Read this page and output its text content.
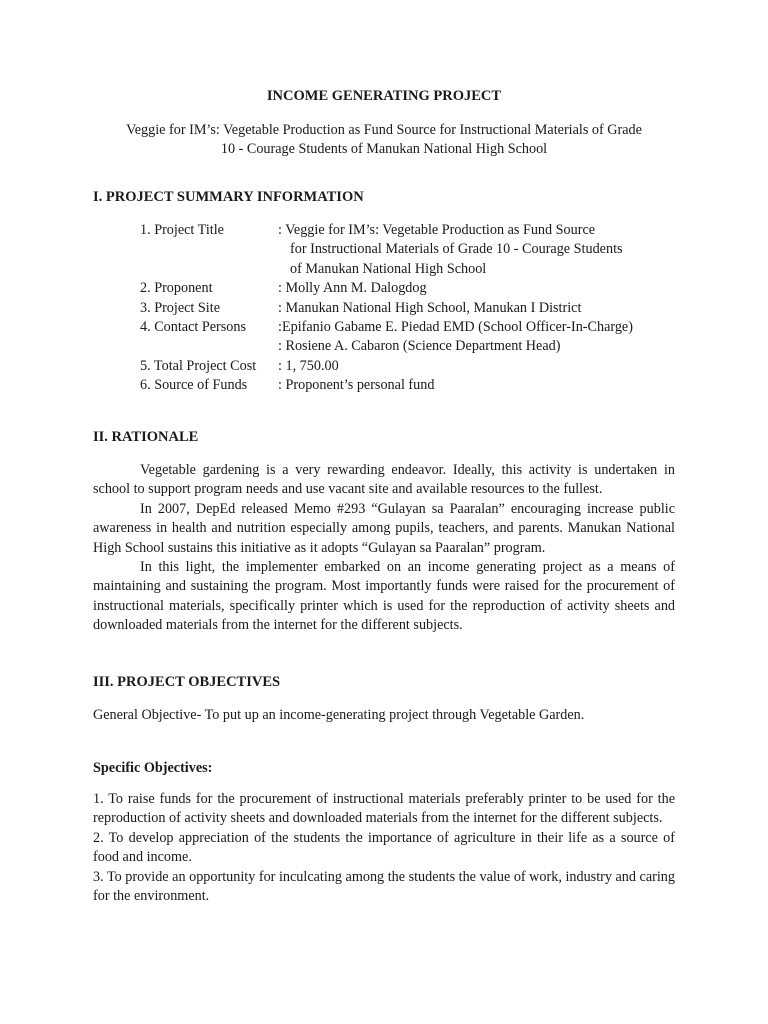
INCOME GENERATING PROJECT
Veggie for IM’s: Vegetable Production as Fund Source for Instructional Materials of Grade
10 - Courage Students of Manukan National High School
I. PROJECT SUMMARY INFORMATION
1. Project Title	: Veggie for IM’s: Vegetable Production as Fund Source
for Instructional Materials of Grade 10 - Courage Students
of Manukan National High School
2. Proponent	: Molly Ann M. Dalogdog
3. Project Site	: Manukan National High School, Manukan I District
4. Contact Persons :Epifanio Gabame E. Piedad EMD (School Officer-In-Charge)
: Rosiene A. Cabaron (Science Department Head)
5. Total Project Cost : 1, 750.00
6. Source of Funds : Proponent’s personal fund
II. RATIONALE

Vegetable gardening is a very rewarding endeavor. Ideally, this activity is undertaken in school to support program needs and use vacant site and available resources to the fullest.

In 2007, DepEd released Memo #293 “Gulayan sa Paaralan” encouraging increase public awareness in health and nutrition especially among pupils, teachers, and parents. Manukan National High School sustains this initiative as it adopts “Gulayan sa Paaralan” program.

In this light, the implementer embarked on an income generating project as a means of maintaining and sustaining the program. Most importantly funds were raised for the procurement of instructional materials, specifically printer which is used for the reproduction of activity sheets and downloaded materials from the internet for the different subjects.

III. PROJECT OBJECTIVES
General Objective- To put up an income-generating project through Vegetable Garden.
Specific Objectives:

1. To raise funds for the procurement of instructional materials preferably printer to be used for the reproduction of activity sheets and downloaded materials from the internet for the different subjects.

2. To develop appreciation of the students the importance of agriculture in their life as a source of food and income.

3. To provide an opportunity for inculcating among the students the value of work, industry and caring for the environment.
